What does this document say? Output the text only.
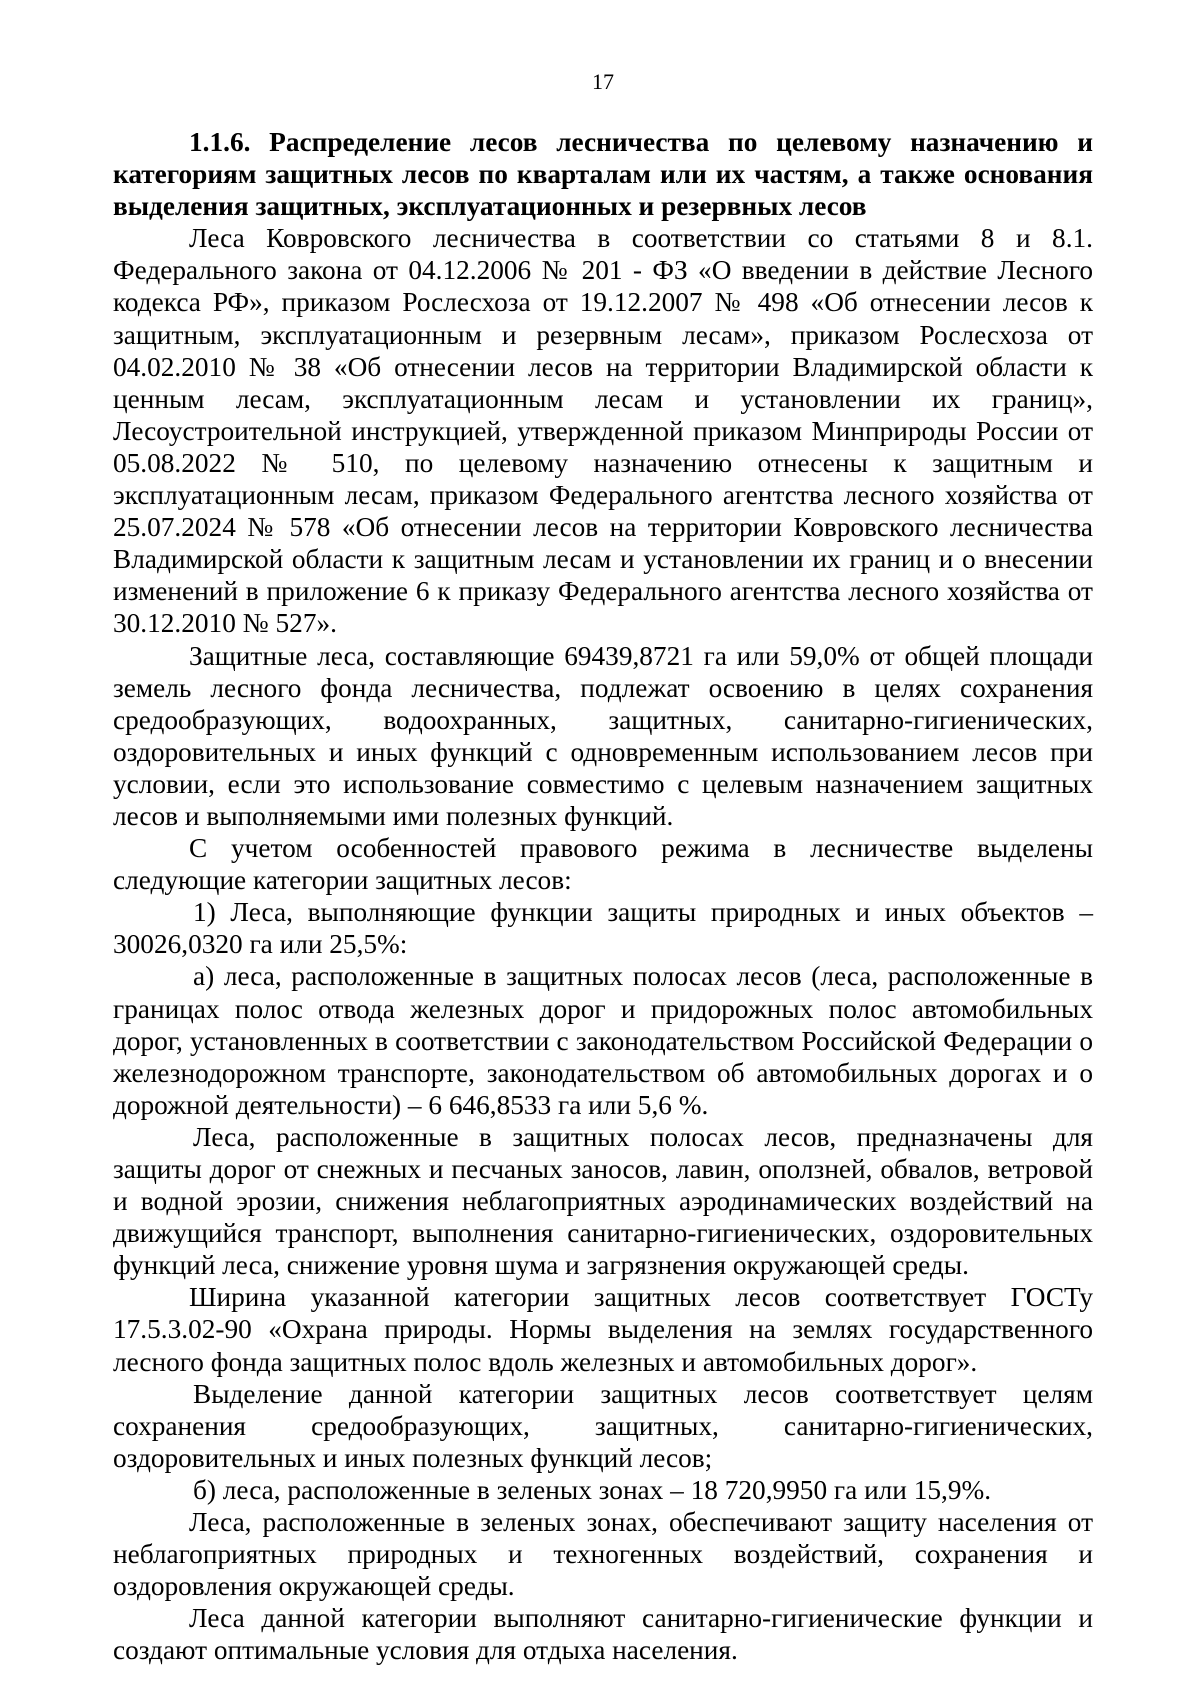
17

1.1.6. Распределение лесов лесничества по целевому назначению и категориям защитных лесов по кварталам или их частям, а также основания выделения защитных, эксплуатационных и резервных лесов

Леса Ковровского лесничества в соответствии со статьями 8 и 8.1. Федерального закона от 04.12.2006 № 201 - ФЗ «О введении в действие Лесного кодекса РФ», приказом Рослесхоза от 19.12.2007 № 498 «Об отнесении лесов к защитным, эксплуатационным и резервным лесам», приказом Рослесхоза от 04.02.2010 № 38 «Об отнесении лесов на территории Владимирской области к ценным лесам, эксплуатационным лесам и установлении их границ», Лесоустроительной инструкцией, утвержденной приказом Минприроды России от 05.08.2022 № 510, по целевому назначению отнесены к защитным и эксплуатационным лесам, приказом Федерального агентства лесного хозяйства от 25.07.2024 № 578 «Об отнесении лесов на территории Ковровского лесничества Владимирской области к защитным лесам и установлении их границ и о внесении изменений в приложение 6 к приказу Федерального агентства лесного хозяйства от 30.12.2010 № 527».

Защитные леса, составляющие 69439,8721 га или 59,0% от общей площади земель лесного фонда лесничества, подлежат освоению в целях сохранения средообразующих, водоохранных, защитных, санитарно-гигиенических, оздоровительных и иных функций с одновременным использованием лесов при условии, если это использование совместимо с целевым назначением защитных лесов и выполняемыми ими полезных функций.

С учетом особенностей правового режима в лесничестве выделены следующие категории защитных лесов:

1) Леса, выполняющие функции защиты природных и иных объектов – 30026,0320 га или 25,5%:

а) леса, расположенные в защитных полосах лесов (леса, расположенные в границах полос отвода железных дорог и придорожных полос автомобильных дорог, установленных в соответствии с законодательством Российской Федерации о железнодорожном транспорте, законодательством об автомобильных дорогах и о дорожной деятельности) – 6 646,8533 га или 5,6 %.

Леса, расположенные в защитных полосах лесов, предназначены для защиты дорог от снежных и песчаных заносов, лавин, оползней, обвалов, ветровой и водной эрозии, снижения неблагоприятных аэродинамических воздействий на движущийся транспорт, выполнения санитарно-гигиенических, оздоровительных функций леса, снижение уровня шума и загрязнения окружающей среды.

Ширина указанной категории защитных лесов соответствует ГОСТу 17.5.3.02-90 «Охрана природы. Нормы выделения на землях государственного лесного фонда защитных полос вдоль железных и автомобильных дорог».

Выделение данной категории защитных лесов соответствует целям сохранения средообразующих, защитных, санитарно-гигиенических, оздоровительных и иных полезных функций лесов;

б) леса, расположенные в зеленых зонах – 18 720,9950 га или 15,9%.

Леса, расположенные в зеленых зонах, обеспечивают защиту населения от неблагоприятных природных и техногенных воздействий, сохранения и оздоровления окружающей среды.

Леса данной категории выполняют санитарно-гигиенические функции и создают оптимальные условия для отдыха населения.
